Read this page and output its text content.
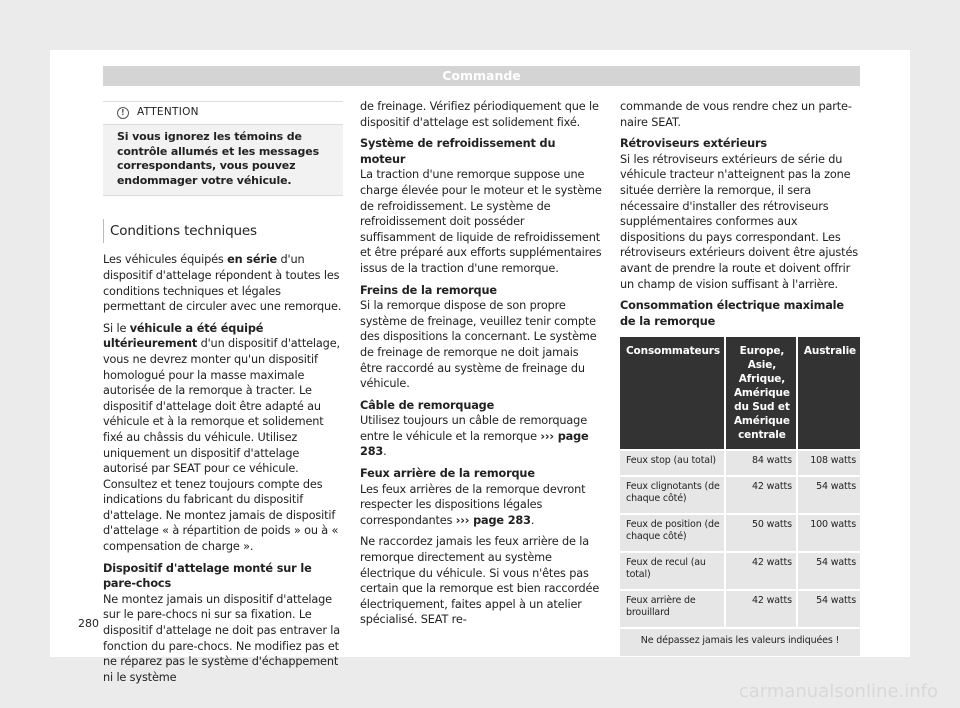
Commande
!	ATTENTION
Si vous ignorez les témoins de contrôle allumés et les messages correspondants, vous pouvez endommager votre véhicule.
Conditions techniques

Les véhicules équipés en série d'un dispositif d'attelage répondent à toutes les conditions techniques et légales permettant de circuler avec une remorque.

Si le véhicule a été équipé ultérieurement d'un dispositif d'attelage, vous ne devrez monter qu'un dispositif homologué pour la masse maximale autorisée de la remorque à tracter. Le dispositif d'attelage doit être adapté au véhicule et à la remorque et solidement fixé au châssis du véhicule. Utilisez uniquement un dispositif d'attelage autorisé par SEAT pour ce véhicule. Consultez et tenez toujours compte des indications du fabricant du dispositif d'attelage. Ne montez jamais de dispositif d'attelage « à répartition de poids » ou à « compensation de charge ».

Dispositif d'attelage monté sur le pare-chocs

Ne montez jamais un dispositif d'attelage sur le pare-chocs ni sur sa fixation. Le dispositif d'attelage ne doit pas entraver la fonction du pare-chocs. Ne modifiez pas et ne réparez pas le système d'échappement ni le système

de freinage. Vérifiez périodiquement que le dispositif d'attelage est solidement fixé.

Système de refroidissement du moteur

La traction d'une remorque suppose une charge élevée pour le moteur et le système de refroidissement. Le système de refroidissement doit posséder suffisamment de liquide de refroidissement et être préparé aux efforts supplémentaires issus de la traction d'une remorque.

Freins de la remorque

Si la remorque dispose de son propre système de freinage, veuillez tenir compte des dispositions la concernant. Le système de freinage de remorque ne doit jamais être raccordé au système de freinage du véhicule.

Câble de remorquage

Utilisez toujours un câble de remorquage entre le véhicule et la remorque ››› page 283.

Feux arrière de la remorque

Les feux arrières de la remorque devront respecter les dispositions légales correspondantes ››› page 283.

Ne raccordez jamais les feux arrière de la remorque directement au système électrique du véhicule. Si vous n'êtes pas certain que la remorque est bien raccordée électriquement, faites appel à un atelier spécialisé. SEAT re-

commande de vous rendre chez un partenaire SEAT.

Rétroviseurs extérieurs

Si les rétroviseurs extérieurs de série du véhicule tracteur n'atteignent pas la zone située derrière la remorque, il sera nécessaire d'installer des rétroviseurs supplémentaires conformes aux dispositions du pays correspondant. Les rétroviseurs extérieurs doivent être ajustés avant de prendre la route et doivent offrir un champ de vision suffisant à l'arrière.

Consommation électrique maximale de la remorque

Consommateurs	Europe, Asie, Afrique, Amérique du Sud et Amérique centrale	Australie
Feux stop (au total)	84 watts	108 watts
Feux clignotants (de chaque côté)	42 watts	54 watts
Feux de position (de chaque côté)	50 watts	100 watts
Feux de recul (au total)	42 watts	54 watts
Feux arrière de brouillard	42 watts	54 watts
Ne dépassez jamais les valeurs indiquées !		
280
carmanualsonline.info
